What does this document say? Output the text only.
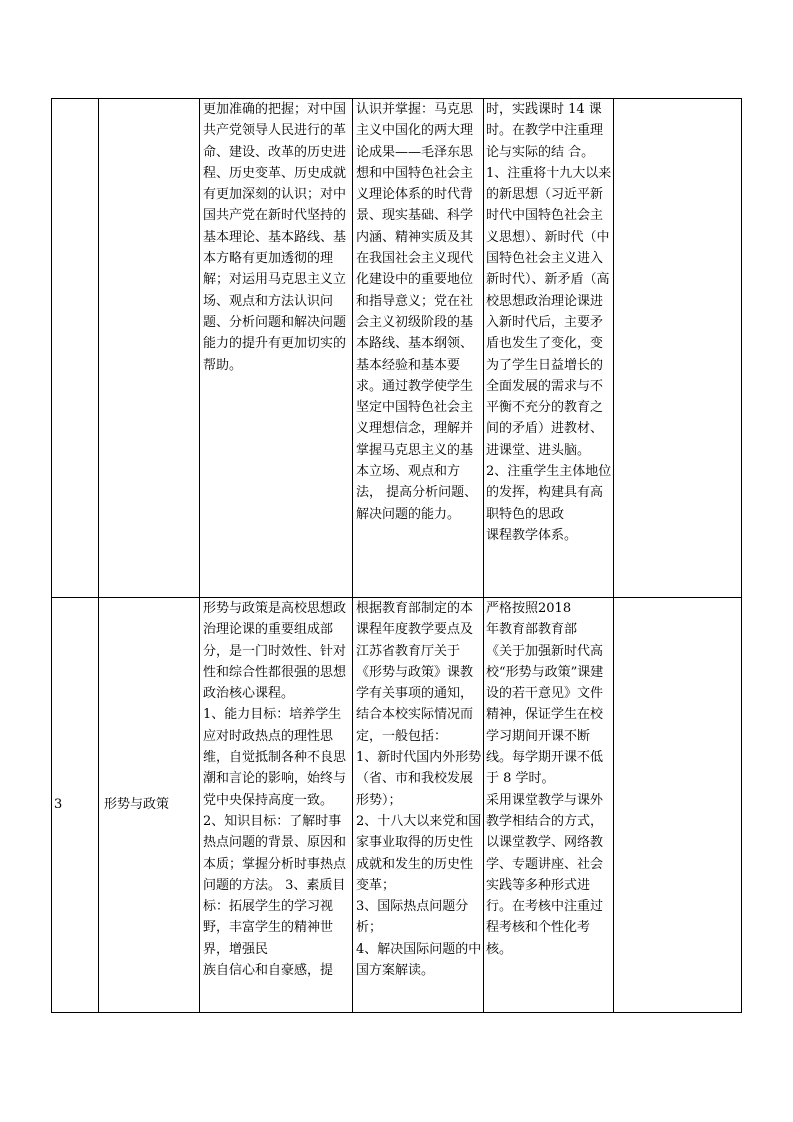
更加准确的把握；对中国共产党领导人民进行的革命、建设、改革的历史进程、历史变革、历史成就有更加深刻的认识；对中国共产党在新时代坚持的基本理论、基本路线、基本方略有更加透彻的理解；对运用马克思主义立场、观点和方法认识问题、分析问题和解决问题能力的提升有更加切实的帮助。

认识并掌握：马克思主义中国化的两大理论成果——毛泽东思想和中国特色社会主义理论体系的时代背景、现实基础、科学内涵、精神实质及其在我国社会主义现代化建设中的重要地位和指导意义；党在社会主义初级阶段的基本路线、基本纲领、基本经验和基本要求。通过教学使学生坚定中国特色社会主义理想信念，理解并掌握马克思主义的基本立场、观点和方法， 提高分析问题、解决问题的能力。

时，实践课时 14 课时。在教学中注重理论与实际的结 合。

1、注重将十九大以来的新思想（习近平新时代中国特色社会主义思想）、新时代（中国特色社会主义进入新时代）、新矛盾（高校思想政治理论课进入新时代后，主要矛盾也发生了变化，变为了学生日益增长的全面发展的需求与不平衡不充分的教育之间的矛盾）进教材、进课堂、进头脑。

2、注重学生主体地位的发挥，构建具有高职特色的思政

课程教学体系。

3	形势与政策

形势与政策是高校思想政治理论课的重要组成部分，是一门时效性、针对性和综合性都很强的思想政治核心课程。

1、能力目标：培养学生应对时政热点的理性思维，自觉抵制各种不良思潮和言论的影响，始终与党中央保持高度一致。

2、知识目标：了解时事热点问题的背景、原因和本质；掌握分析时事热点问题的方法。 3、素质目标：拓展学生的学习视野，丰富学生的精神世界，增强民

族自信心和自豪感，提

根据教育部制定的本课程年度教学要点及江苏省教育厅关于《形势与政策》课教学有关事项的通知，结合本校实际情况而定，一般包括：

1、新时代国内外形势（省、市和我校发展形势）；

2、十八大以来党和国家事业取得的历史性成就和发生的历史性变革；

3、国际热点问题分析；

4、解决国际问题的中国方案解读。

严格按照2018

年教育部教育部

《关于加强新时代高校“形势与政策”课建设的若干意见》文件精神，保证学生在校学习期间开课不断线。每学期开课不低于 8 学时。

采用课堂教学与课外教学相结合的方式，以课堂教学、网络教学、专题讲座、社会实践等多种形式进行。在考核中注重过程考核和个性化考核。
